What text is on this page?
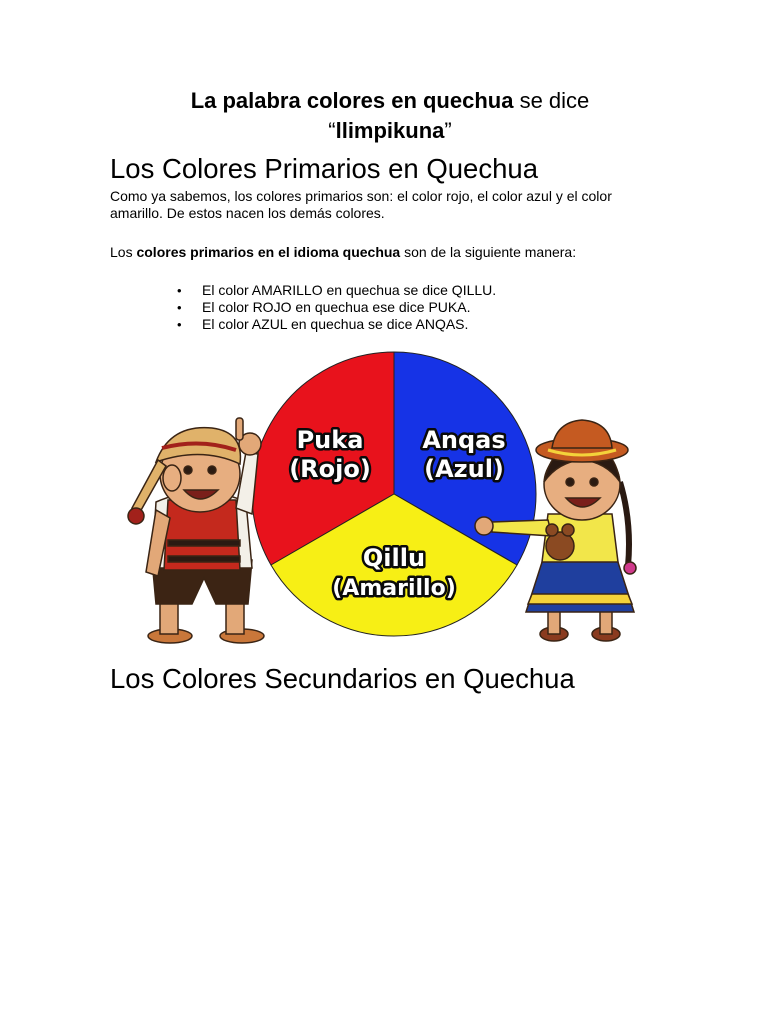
La palabra colores en quechua se dice
“llimpikuna”
Los Colores Primarios en Quechua

Como ya sabemos, los colores primarios son: el color rojo, el color azul y el color amarillo. De estos nacen los demás colores.

Los colores primarios en el idioma quechua son de la siguiente manera:

• El color AMARILLO en quechua se dice QILLU.
• El color ROJO en quechua ese dice PUKA.
• El color AZUL en quechua se dice ANQAS.
Puka
(Rojo)
Anqas
(Azul)
Qillu
(Amarillo)
Los Colores Secundarios en Quechua
